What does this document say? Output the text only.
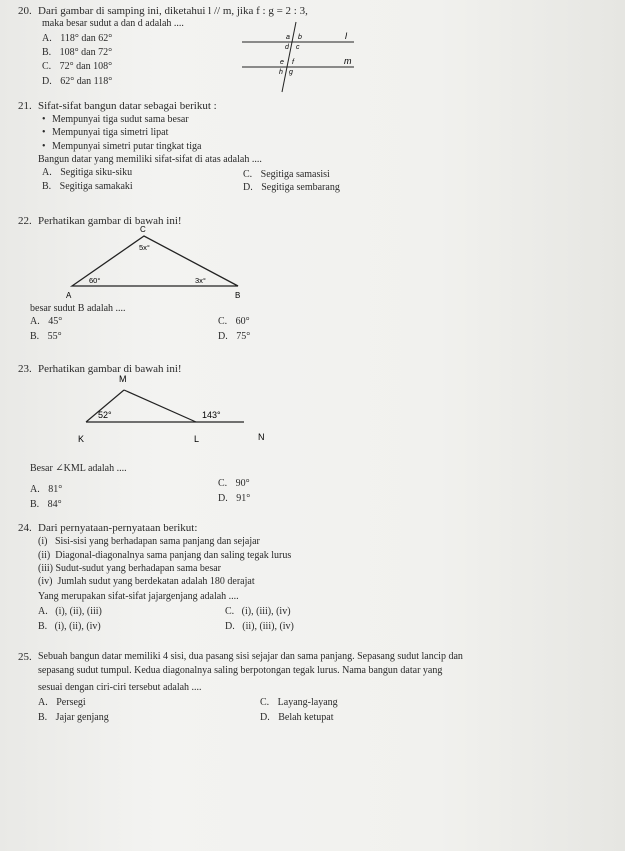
20. Dari gambar di samping ini, diketahui l // m, jika f : g = 2 : 3,
maka besar sudut a dan d adalah ....
A. 118° dan 62°
B. 108° dan 72°
C. 72° dan 108°
D. 62° dan 118°
l
m
a b
c
d
e f
g
h
21. Sifat-sifat bangun datar sebagai berikut :
• Mempunyai tiga sudut sama besar
• Mempunyai tiga simetri lipat
• Mempunyai simetri putar tingkat tiga
Bangun datar yang memiliki sifat-sifat di atas adalah ....
A. Segitiga siku-siku
B. Segitiga samakaki
C. Segitiga samasisi
D. Segitiga sembarang
22. Perhatikan gambar di bawah ini!
C
A	B
5x°
60°	3x°
besar sudut B adalah ....
A. 45°
B. 55°
C. 60°
D. 75°
23. Perhatikan gambar di bawah ini!
M
K	L	N
52°	143°
Besar ∠KML adalah ....
A. 81°
B. 84°
C. 90°
D. 91°
24. Dari pernyataan-pernyataan berikut:
(i)   Sisi-sisi yang berhadapan sama panjang dan sejajar
(ii)  Diagonal-diagonalnya sama panjang dan saling tegak lurus
(iii) Sudut-sudut yang berhadapan sama besar
(iv)  Jumlah sudut yang berdekatan adalah 180 derajat
Yang merupakan sifat-sifat jajargenjang adalah ....
A. (i), (ii), (iii)
B. (i), (ii), (iv)
C. (i), (iii), (iv)
D. (ii), (iii), (iv)
25. Sebuah bangun datar memiliki 4 sisi, dua pasang sisi sejajar dan sama panjang. Sepasang sudut lancip dan
sepasang sudut tumpul. Kedua diagonalnya saling berpotongan tegak lurus. Nama bangun datar yang
sesuai dengan ciri-ciri tersebut adalah ....
A. Persegi
B. Jajar genjang
C. Layang-layang
D. Belah ketupat
